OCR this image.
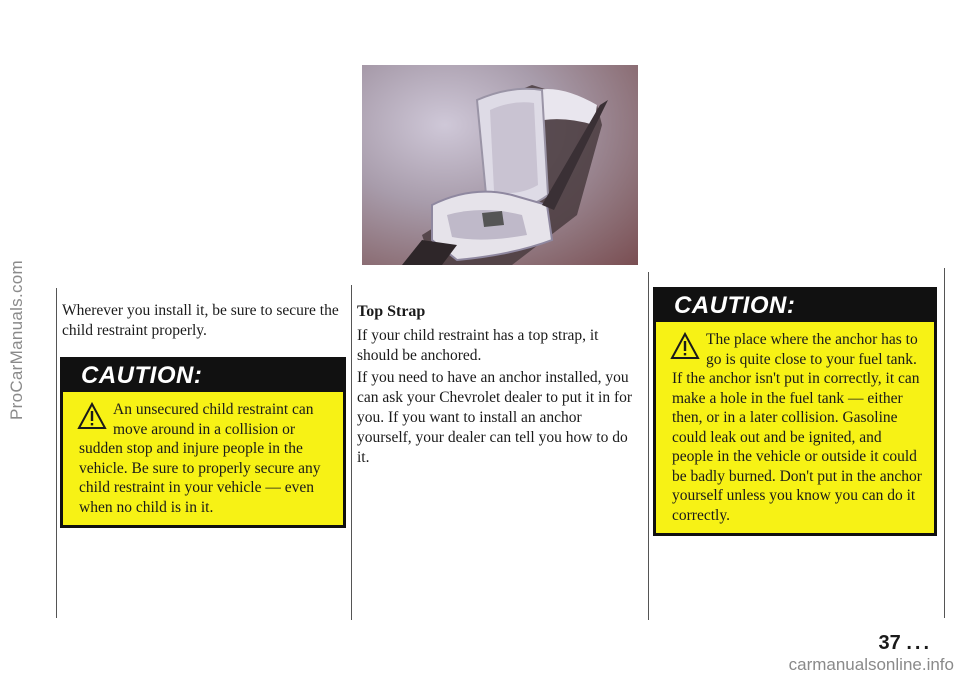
ProCarManuals.com Wherever you install it, be sure to secure the child restraint properly.

CAUTION:
An unsecured child restraint can move around in a collision or sudden stop and injure people in the vehicle. Be sure to properly secure any child restraint in your vehicle — even when no child is in it.
Top Strap

If your child restraint has a top strap, it should be anchored.

If you need to have an anchor installed, you can ask your Chevrolet dealer to put it in for you. If you want to install an anchor yourself, your dealer can tell you how to do it.

CAUTION:
The place where the anchor has to go is quite close to your fuel tank. If the anchor isn't put in correctly, it can make a hole in the fuel tank — either then, or in a later collision. Gasoline could leak out and be ignited, and people in the vehicle or outside it could be badly burned. Don't put in the anchor yourself unless you know you can do it correctly.
37 ...
carmanualsonline.info
